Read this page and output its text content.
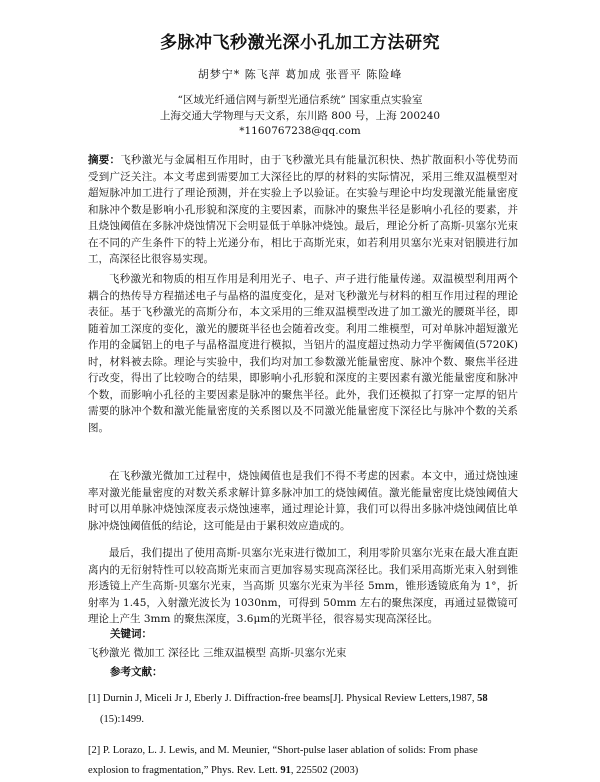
多脉冲飞秒激光深小孔加工方法研究
胡梦宁* 陈飞萍 葛加成 张晋平 陈险峰
“区域光纤通信网与新型光通信系统” 国家重点实验室
上海交通大学物理与天文系，东川路 800 号，上海 200240
*1160767238@qq.com
摘要：飞秒激光与金属相互作用时，由于飞秒激光具有能量沉积快、热扩散面积小等优势而受到广泛关注。本文考虑到需要加工大深径比的厚的材料的实际情况，采用三维双温模型对超短脉冲加工进行了理论预测，并在实验上予以验证。在实验与理论中均发现激光能量密度和脉冲个数是影响小孔形貌和深度的主要因素，而脉冲的聚焦半径是影响小孔径的要素，并且烧蚀阈值在多脉冲烧蚀情况下会明显低于单脉冲烧蚀。最后，理论分析了高斯-贝塞尔光束在不同的产生条件下的特上光递分布，相比于高斯光束，如若利用贝塞尔光束对铝膜进行加工，高深径比很容易实现。
飞秒激光和物质的相互作用是利用光子、电子、声子进行能量传递。双温模型利用两个耦合的热传导方程描述电子与晶格的温度变化，是对飞秒激光与材料的相互作用过程的理论表征。基于飞秒激光的高斯分布，本文采用的三维双温模型改进了加工激光的腰斑半径，即随着加工深度的变化，激光的腰斑半径也会随着改变。利用二维模型，可对单脉冲超短激光作用的金属铝上的电子与晶格温度进行模拟，当铝片的温度超过热动力学平衡阈值(5720K)时，材料被去除。理论与实验中，我们均对加工参数激光能量密度、脉冲个数、聚焦半径进行改变，得出了比较吻合的结果，即影响小孔形貌和深度的主要因素有激光能量密度和脉冲个数，而影响小孔径的主要因素是脉冲的聚焦半径。此外，我们还模拟了打穿一定厚的铝片需要的脉冲个数和激光能量密度的关系图以及不同激光能量密度下深径比与脉冲个数的关系图。
在飞秒激光微加工过程中，烧蚀阈值也是我们不得不考虑的因素。本文中，通过烧蚀速率对激光能量密度的对数关系求解计算多脉冲加工的烧蚀阈值。激光能量密度比烧蚀阈值大时可以用单脉冲烧蚀深度表示烧蚀速率，通过理论计算，我们可以得出多脉冲烧蚀阈值比单脉冲烧蚀阈值低的结论，这可能是由于累积效应造成的。
最后，我们提出了使用高斯-贝塞尔光束进行微加工，利用零阶贝塞尔光束在最大准直距离内的无衍射特性可以较高斯光束而言更加容易实现高深径比。我们采用高斯光束入射到锥形透镜上产生高斯-贝塞尔光束，当高斯 贝塞尔光束为半径 5mm，锥形透镜底角为 1°，折射率为 1.45，入射激光波长为 1030nm，可得到 50mm 左右的聚焦深度，再通过显微镜可理论上产生 3mm 的聚焦深度，3.6μm的光斑半径，很容易实现高深径比。
关键词：
飞秒激光 微加工 深径比 三维双温模型 高斯-贝塞尔光束
参考文献：
[1] Durnin J, Miceli Jr J, Eberly J. Diffraction-free beams[J]. Physical Review Letters,1987, 58
(15):1499.
[2] P. Lorazo, L. J. Lewis, and M. Meunier, “Short-pulse laser ablation of solids: From phase
explosion to fragmentation,” Phys. Rev. Lett. 91, 225502 (2003)
